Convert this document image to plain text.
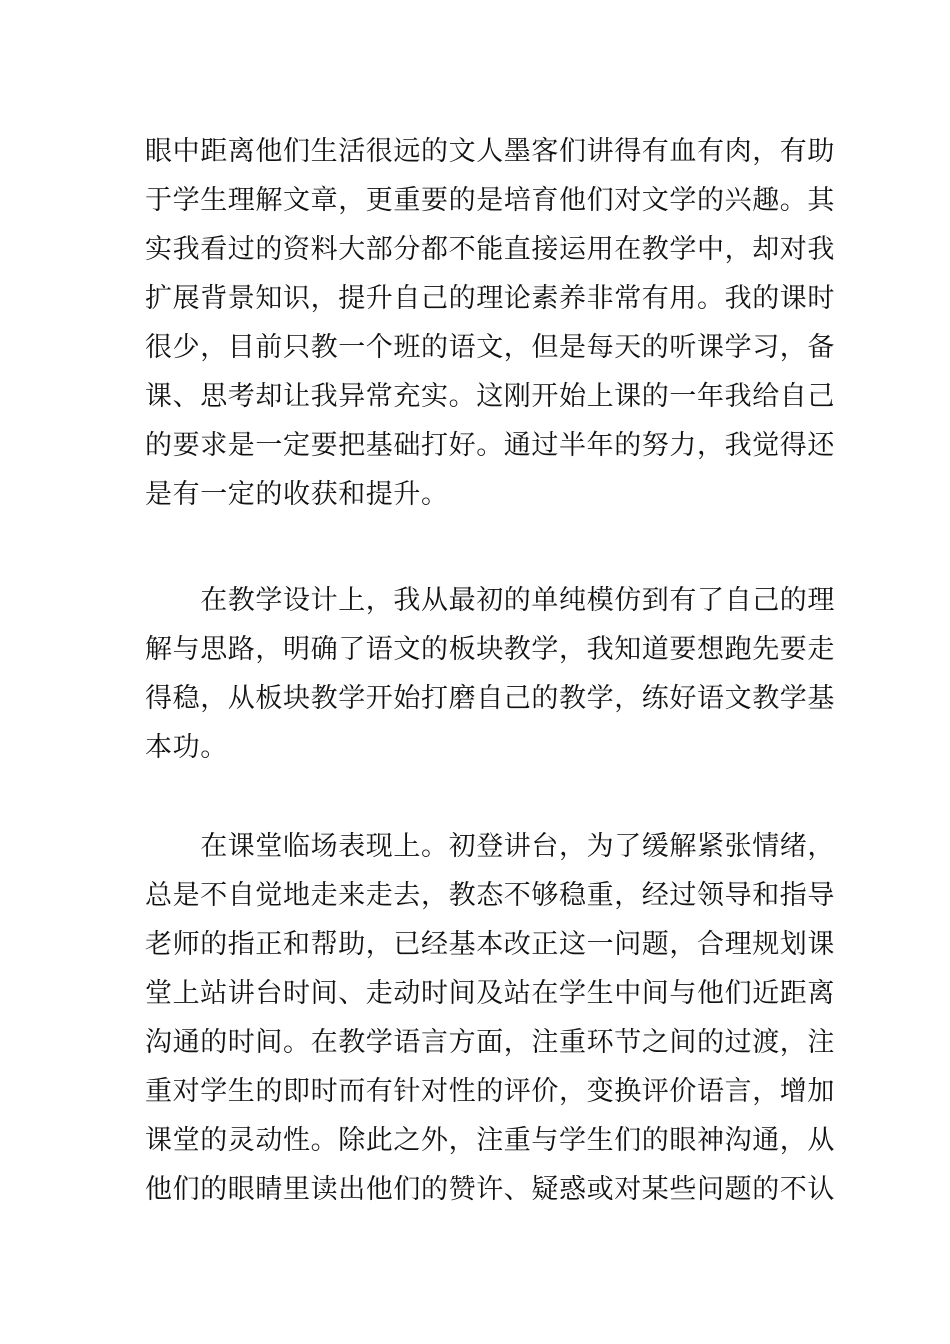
眼中距离他们生活很远的文人墨客们讲得有血有肉，有助
于学生理解文章，更重要的是培育他们对文学的兴趣。其
实我看过的资料大部分都不能直接运用在教学中，却对我
扩展背景知识，提升自己的理论素养非常有用。我的课时
很少，目前只教一个班的语文，但是每天的听课学习，备
课、思考却让我异常充实。这刚开始上课的一年我给自己
的要求是一定要把基础打好。通过半年的努力，我觉得还
是有一定的收获和提升。
　　在教学设计上，我从最初的单纯模仿到有了自己的理
解与思路，明确了语文的板块教学，我知道要想跑先要走
得稳，从板块教学开始打磨自己的教学，练好语文教学基
本功。
　　在课堂临场表现上。初登讲台，为了缓解紧张情绪，
总是不自觉地走来走去，教态不够稳重，经过领导和指导
老师的指正和帮助，已经基本改正这一问题，合理规划课
堂上站讲台时间、走动时间及站在学生中间与他们近距离
沟通的时间。在教学语言方面，注重环节之间的过渡，注
重对学生的即时而有针对性的评价，变换评价语言，增加
课堂的灵动性。除此之外，注重与学生们的眼神沟通，从
他们的眼睛里读出他们的赞许、疑惑或对某些问题的不认
